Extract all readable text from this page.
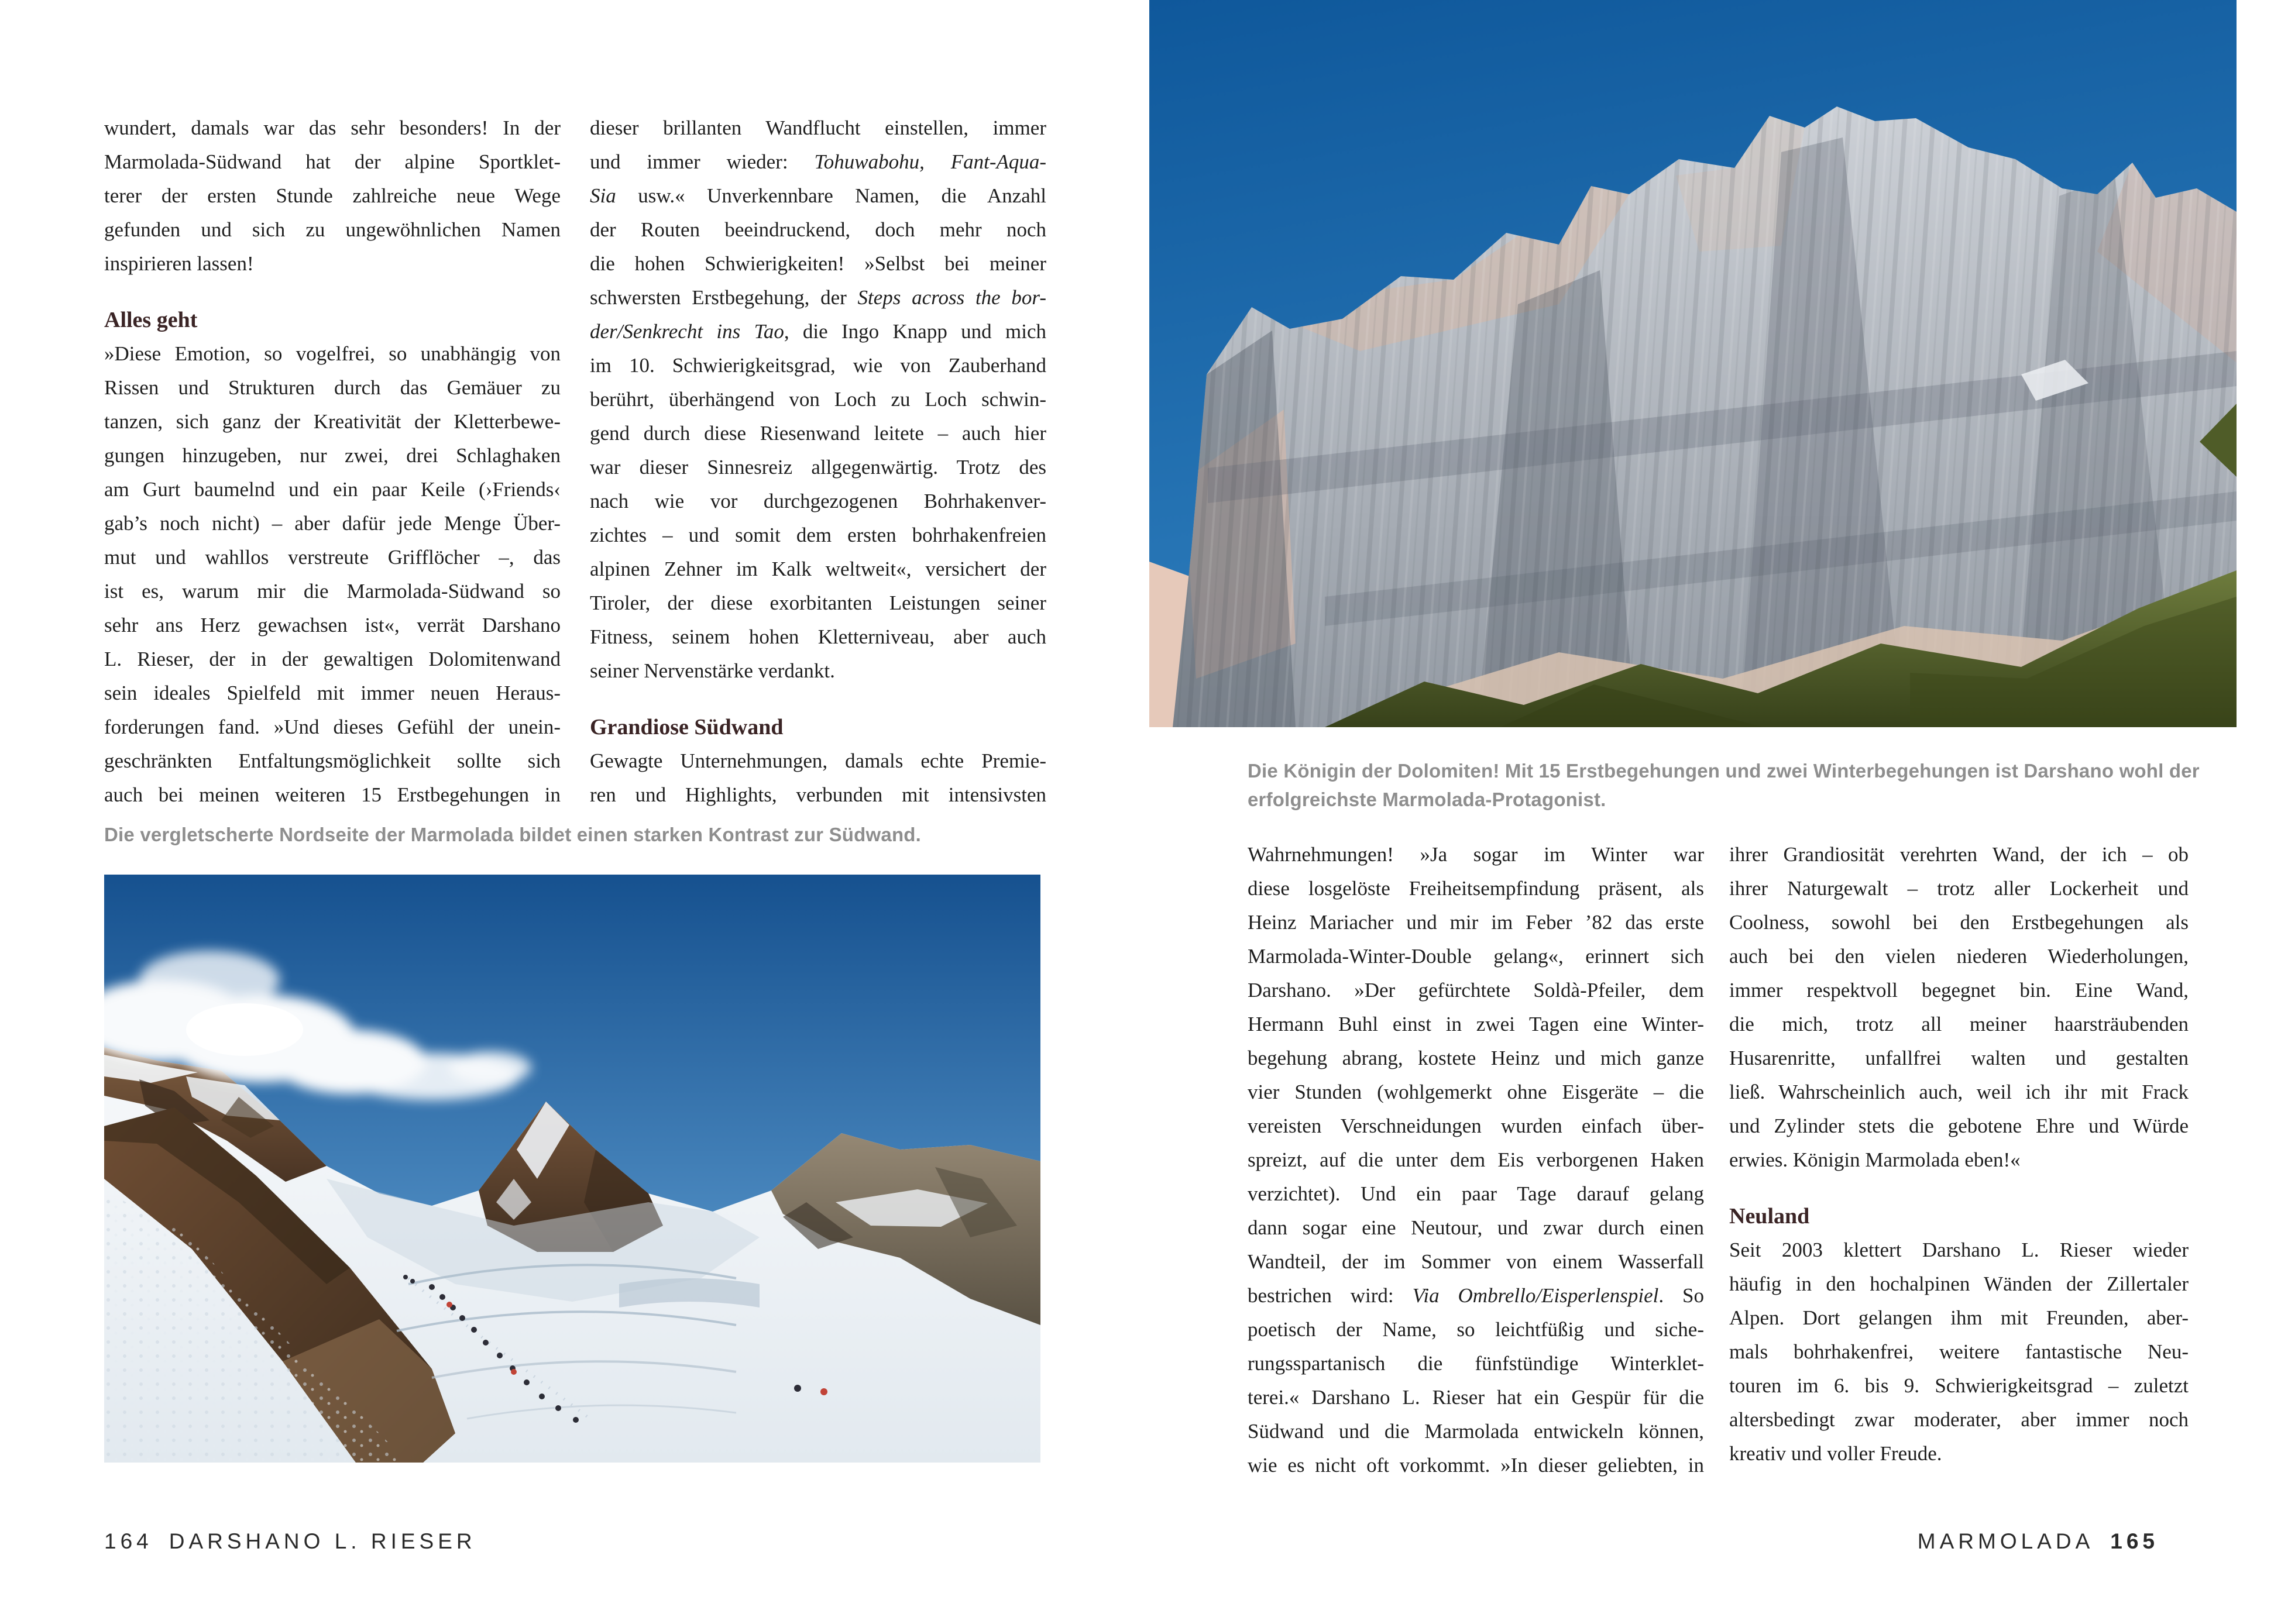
wundert, damals war das sehr besonders! In der
Marmolada-Südwand hat der alpine Sportklet-
terer der ersten Stunde zahlreiche neue Wege
gefunden und sich zu ungewöhnlichen Namen
inspirieren lassen!
Alles geht
»Diese Emotion, so vogelfrei, so unabhängig von
Rissen und Strukturen durch das Gemäuer zu
tanzen, sich ganz der Kreativität der Kletterbewe-
gungen hinzugeben, nur zwei, drei Schlaghaken
am Gurt baumelnd und ein paar Keile (›Friends‹
gab’s noch nicht) – aber dafür jede Menge Über-
mut und wahllos verstreute Grifflöcher –, das
ist es, warum mir die Marmolada-Südwand so
sehr ans Herz gewachsen ist«, verrät Darshano
L. Rieser, der in der gewaltigen Dolomitenwand
sein ideales Spielfeld mit immer neuen Heraus-
forderungen fand. »Und dieses Gefühl der unein-
geschränkten Entfaltungsmöglichkeit sollte sich
auch bei meinen weiteren 15 Erstbegehungen in
dieser brillanten Wandflucht einstellen, immer
und immer wieder: Tohuwabohu, Fant-Aqua-
Sia usw.« Unverkennbare Namen, die Anzahl
der Routen beeindruckend, doch mehr noch
die hohen Schwierigkeiten! »Selbst bei meiner
schwersten Erstbegehung, der Steps across the bor-
der/Senkrecht ins Tao, die Ingo Knapp und mich
im 10. Schwierigkeitsgrad, wie von Zauberhand
berührt, überhängend von Loch zu Loch schwin-
gend durch diese Riesenwand leitete – auch hier
war dieser Sinnesreiz allgegenwärtig. Trotz des
nach wie vor durchgezogenen Bohrhakenver-
zichtes – und somit dem ersten bohrhakenfreien
alpinen Zehner im Kalk weltweit«, versichert der
Tiroler, der diese exorbitanten Leistungen seiner
Fitness, seinem hohen Kletterniveau, aber auch
seiner Nervenstärke verdankt.
Grandiose Südwand
Gewagte Unternehmungen, damals echte Premie-
ren und Highlights, verbunden mit intensivsten
Die vergletscherte Nordseite der Marmolada bildet einen starken Kontrast zur Südwand.
164 DARSHANO L. RIESER
Die Königin der Dolomiten! Mit 15 Erstbegehungen und zwei Winterbegehungen ist Darshano wohl der
erfolgreichste Marmolada-Protagonist.
Wahrnehmungen! »Ja sogar im Winter war
diese losgelöste Freiheitsempfindung präsent, als
Heinz Mariacher und mir im Feber ’82 das erste
Marmolada-Winter-Double gelang«, erinnert sich
Darshano. »Der gefürchtete Soldà-Pfeiler, dem
Hermann Buhl einst in zwei Tagen eine Winter-
begehung abrang, kostete Heinz und mich ganze
vier Stunden (wohlgemerkt ohne Eisgeräte – die
vereisten Verschneidungen wurden einfach über-
spreizt, auf die unter dem Eis verborgenen Haken
verzichtet). Und ein paar Tage darauf gelang
dann sogar eine Neutour, und zwar durch einen
Wandteil, der im Sommer von einem Wasserfall
bestrichen wird: Via Ombrello/Eisperlenspiel. So
poetisch der Name, so leichtfüßig und siche-
rungsspartanisch die fünfstündige Winterklet-
terei.« Darshano L. Rieser hat ein Gespür für die
Südwand und die Marmolada entwickeln können,
wie es nicht oft vorkommt. »In dieser geliebten, in
ihrer Grandiosität verehrten Wand, der ich – ob
ihrer Naturgewalt – trotz aller Lockerheit und
Coolness, sowohl bei den Erstbegehungen als
auch bei den vielen niederen Wiederholungen,
immer respektvoll begegnet bin. Eine Wand,
die mich, trotz all meiner haarsträubenden
Husarenritte, unfallfrei walten und gestalten
ließ. Wahrscheinlich auch, weil ich ihr mit Frack
und Zylinder stets die gebotene Ehre und Würde
erwies. Königin Marmolada eben!«
Neuland
Seit 2003 klettert Darshano L. Rieser wieder
häufig in den hochalpinen Wänden der Zillertaler
Alpen. Dort gelangen ihm mit Freunden, aber-
mals bohrhakenfrei, weitere fantastische Neu-
touren im 6. bis 9. Schwierigkeitsgrad – zuletzt
altersbedingt zwar moderater, aber immer noch
kreativ und voller Freude.
MARMOLADA 165
